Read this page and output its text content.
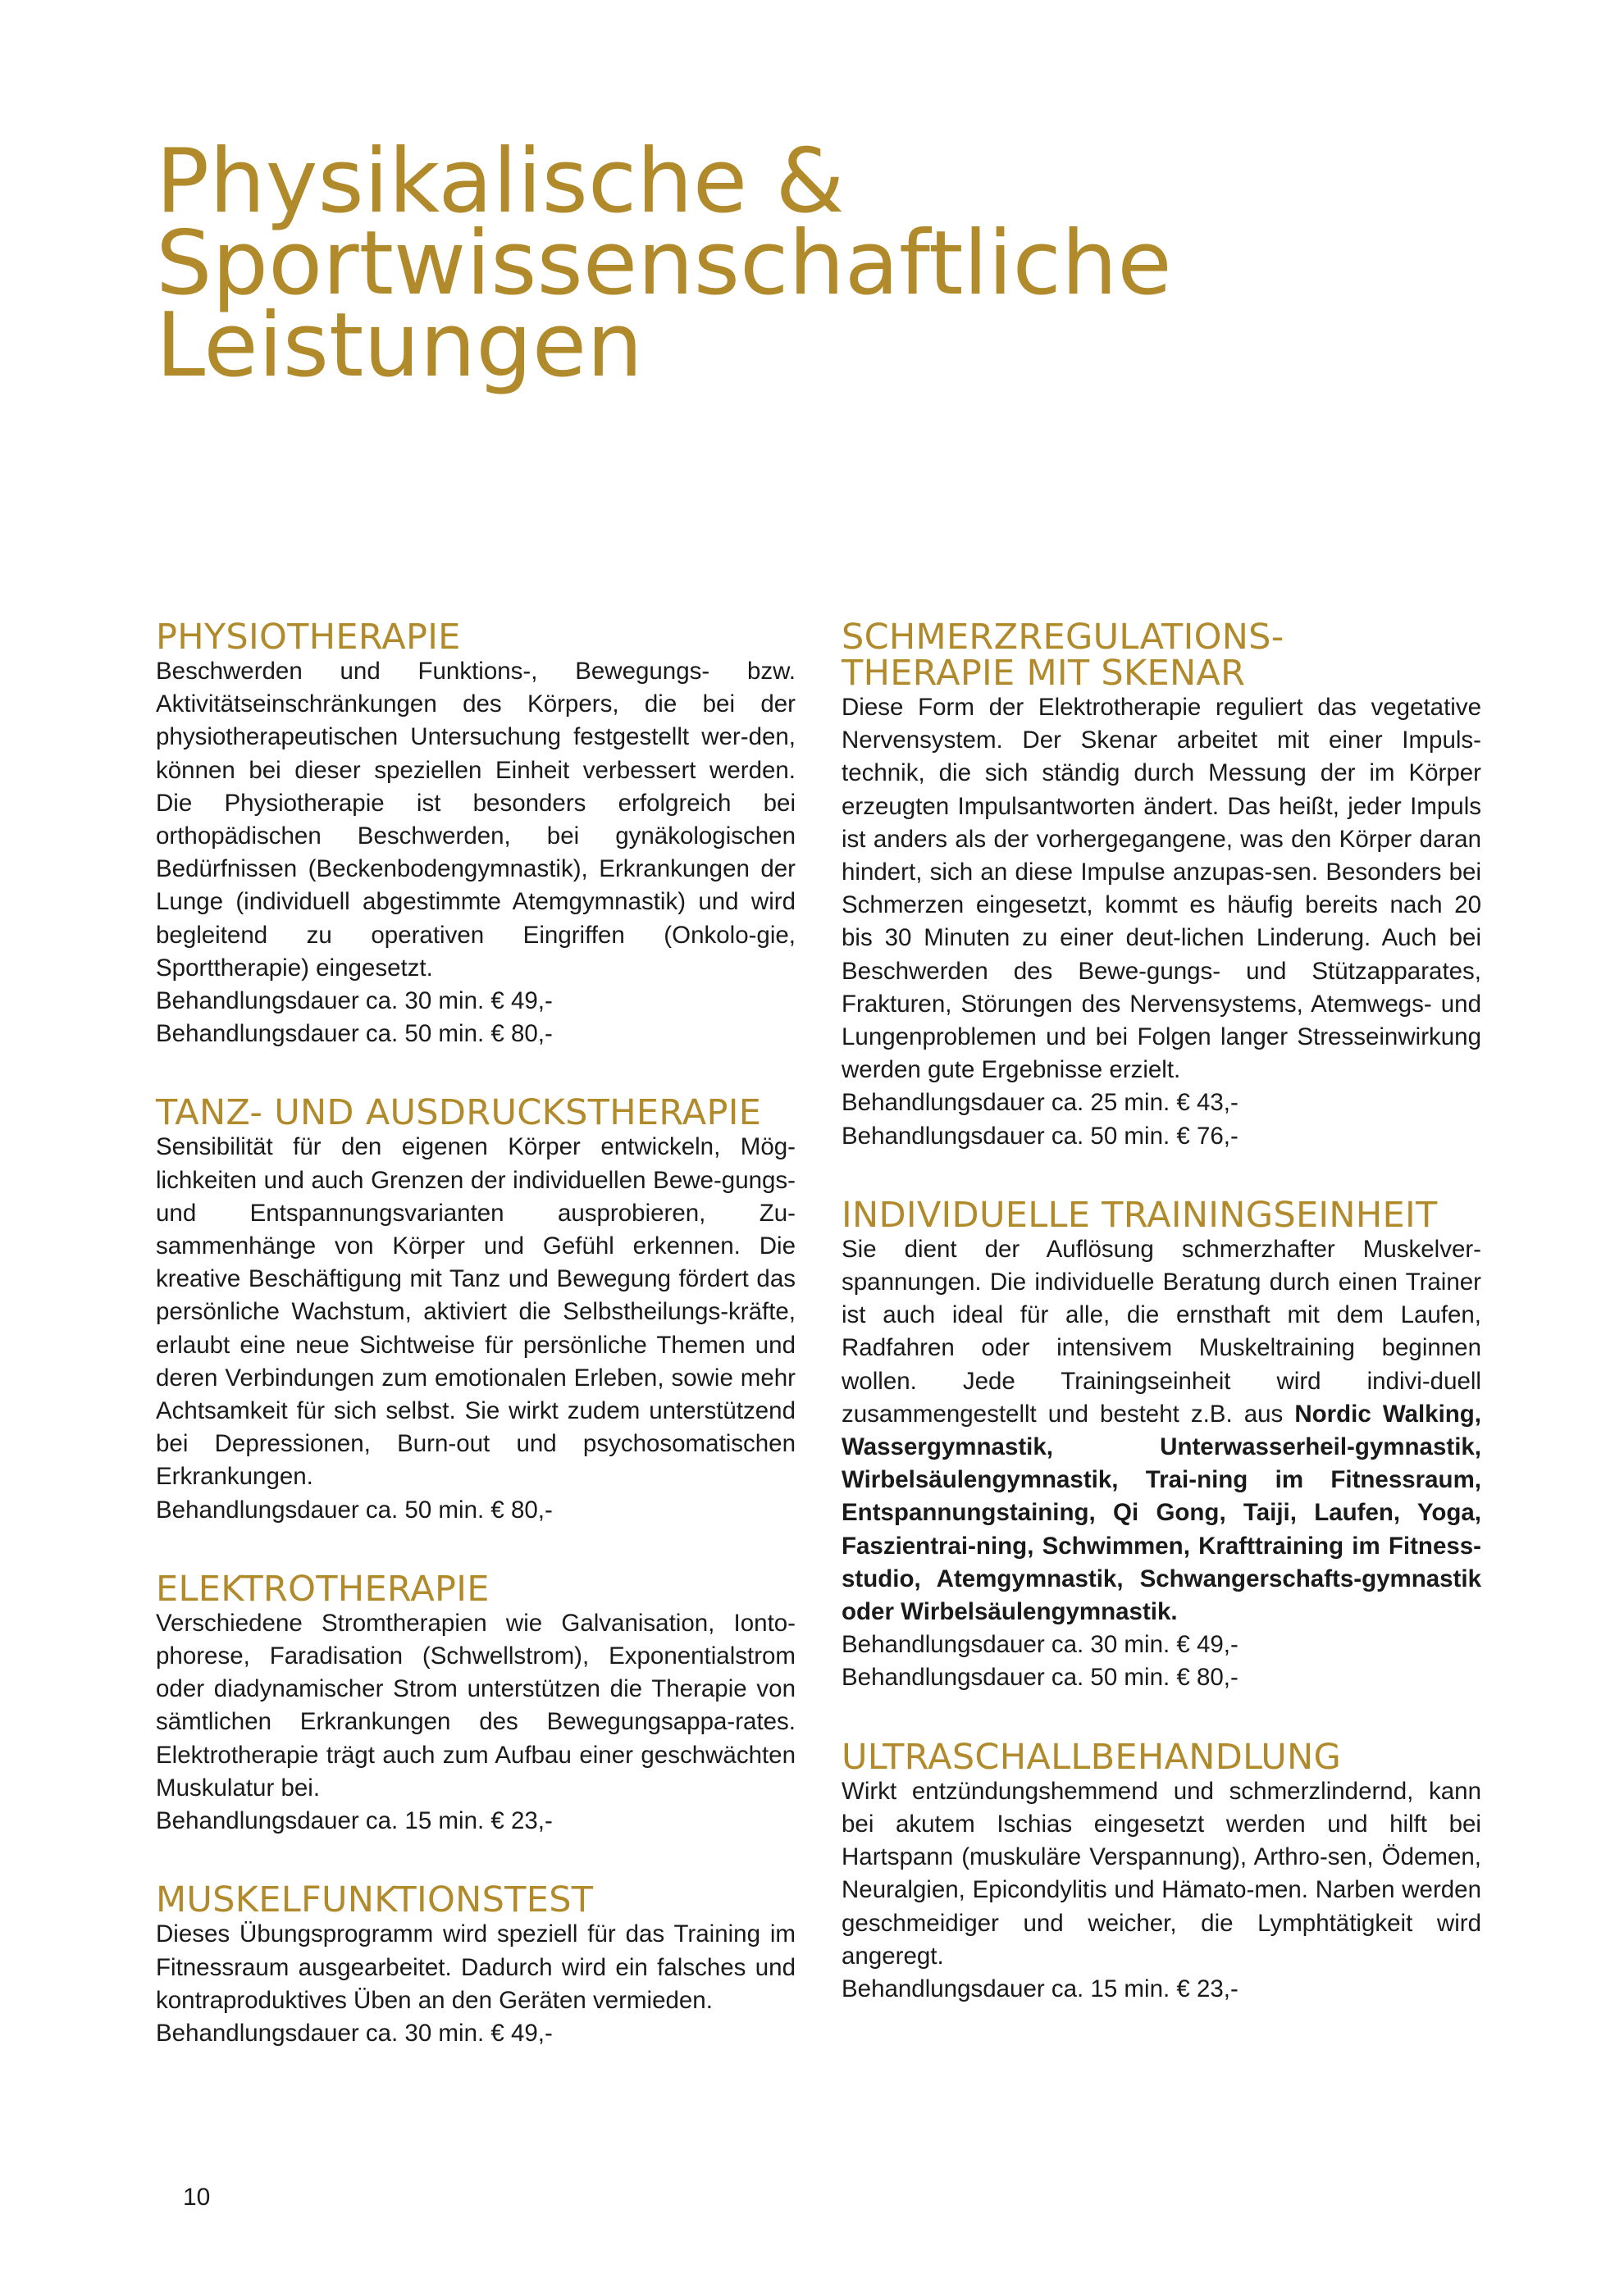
Physikalische &
Sportwissenschaftliche
Leistungen
PHYSIOTHERAPIE

Beschwerden und Funktions-, Bewegungs- bzw. Aktivitätseinschränkungen des Körpers, die bei der physiotherapeutischen Untersuchung festgestellt wer-den, können bei dieser speziellen Einheit verbessert werden. Die Physiotherapie ist besonders erfolgreich bei orthopädischen Beschwerden, bei gynäkologischen Bedürfnissen (Beckenbodengymnastik), Erkrankungen der Lunge (individuell abgestimmte Atemgymnastik) und wird begleitend zu operativen Eingriffen (Onkolo-gie, Sporttherapie) eingesetzt.

Behandlungsdauer ca. 30 min. € 49,-

Behandlungsdauer ca. 50 min. € 80,-

TANZ- UND AUSDRUCKSTHERAPIE

Sensibilität für den eigenen Körper entwickeln, Mög-lichkeiten und auch Grenzen der individuellen Bewe-gungs- und Entspannungsvarianten ausprobieren, Zu-sammenhänge von Körper und Gefühl erkennen. Die kreative Beschäftigung mit Tanz und Bewegung fördert das persönliche Wachstum, aktiviert die Selbstheilungs-kräfte, erlaubt eine neue Sichtweise für persönliche Themen und deren Verbindungen zum emotionalen Erleben, sowie mehr Achtsamkeit für sich selbst. Sie wirkt zudem unterstützend bei Depressionen, Burn-out und psychosomatischen Erkrankungen.

Behandlungsdauer ca. 50 min. € 80,-

ELEKTROTHERAPIE

Verschiedene Stromtherapien wie Galvanisation, Ionto-phorese, Faradisation (Schwellstrom), Exponentialstrom oder diadynamischer Strom unterstützen die Therapie von sämtlichen Erkrankungen des Bewegungsappa-rates. Elektrotherapie trägt auch zum Aufbau einer geschwächten Muskulatur bei.

Behandlungsdauer ca. 15 min. € 23,-

MUSKELFUNKTIONSTEST

Dieses Übungsprogramm wird speziell für das Training im Fitnessraum ausgearbeitet. Dadurch wird ein falsches und kontraproduktives Üben an den Geräten vermieden.

Behandlungsdauer ca. 30 min. € 49,-

SCHMERZREGULATIONS-
THERAPIE MIT SKENAR

Diese Form der Elektrotherapie reguliert das vegetative Nervensystem. Der Skenar arbeitet mit einer Impuls-technik, die sich ständig durch Messung der im Körper erzeugten Impulsantworten ändert. Das heißt, jeder Impuls ist anders als der vorhergegangene, was den Körper daran hindert, sich an diese Impulse anzupas-sen. Besonders bei Schmerzen eingesetzt, kommt es häufig bereits nach 20 bis 30 Minuten zu einer deut-lichen Linderung. Auch bei Beschwerden des Bewe-gungs- und Stützapparates, Frakturen, Störungen des Nervensystems, Atemwegs- und Lungenproblemen und bei Folgen langer Stresseinwirkung werden gute Ergebnisse erzielt.

Behandlungsdauer ca. 25 min. € 43,-

Behandlungsdauer ca. 50 min. € 76,-

INDIVIDUELLE TRAININGSEINHEIT

Sie dient der Auflösung schmerzhafter Muskelver-spannungen. Die individuelle Beratung durch einen Trainer ist auch ideal für alle, die ernsthaft mit dem Laufen, Radfahren oder intensivem Muskeltraining beginnen wollen. Jede Trainingseinheit wird indivi-duell zusammengestellt und besteht z.B. aus Nordic Walking, Wassergymnastik, Unterwasserheil-gymnastik, Wirbelsäulengymnastik, Trai-ning im Fitnessraum, Entspannungstaining, Qi Gong, Taiji, Laufen, Yoga, Faszientrai-ning, Schwimmen, Krafttraining im Fitness-studio, Atemgymnastik, Schwangerschafts-gymnastik oder Wirbelsäulengymnastik.

Behandlungsdauer ca. 30 min. € 49,-

Behandlungsdauer ca. 50 min. € 80,-

ULTRASCHALLBEHANDLUNG

Wirkt entzündungshemmend und schmerzlindernd, kann bei akutem Ischias eingesetzt werden und hilft bei Hartspann (muskuläre Verspannung), Arthro-sen, Ödemen, Neuralgien, Epicondylitis und Hämato-men. Narben werden geschmeidiger und weicher, die Lymphtätigkeit wird angeregt.

Behandlungsdauer ca. 15 min. € 23,-

10
